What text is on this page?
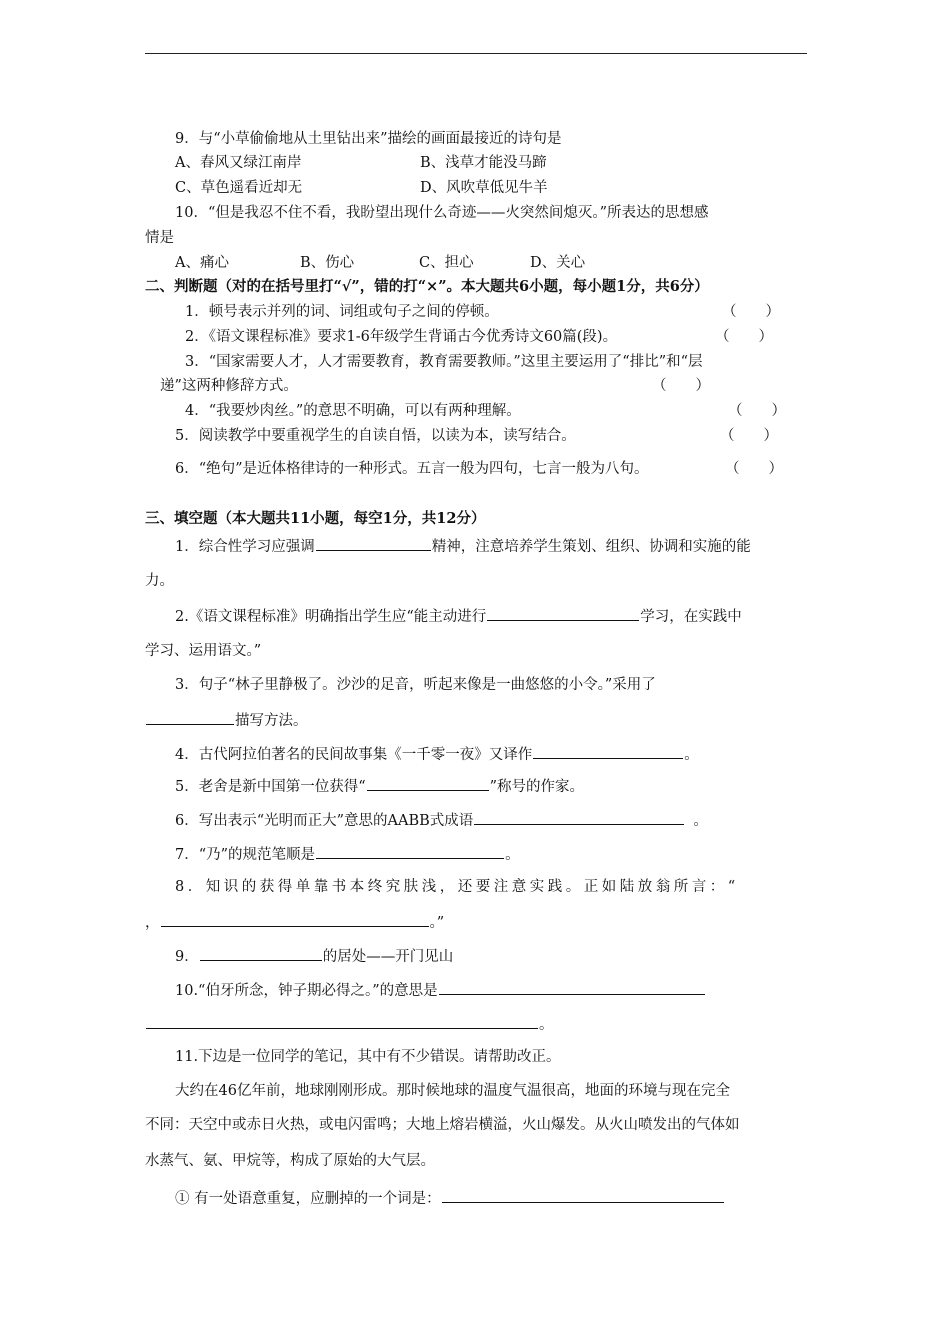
9．与“小草偷偷地从土里钻出来”描绘的画面最接近的诗句是
A、春风又绿江南岸	B、浅草才能没马蹄
C、草色遥看近却无	D、风吹草低见牛羊
10．“但是我忍不住不看，我盼望出现什么奇迹——火突然间熄灭。”所表达的思想感
情是
A、痛心	B、伤心	C、担心	D、关心
二、判断题（对的在括号里打“√”，错的打“×”。本大题共6小题，每小题1分，共6分）
1．顿号表示并列的词、词组或句子之间的停顿。	（　　）
2．《语文课程标准》要求1-6年级学生背诵古今优秀诗文60篇(段)。	（　　）
3．“国家需要人才，人才需要教育，教育需要教师。”这里主要运用了“排比”和“层
递”这两种修辞方式。	（　　）
4．“我要炒肉丝。”的意思不明确，可以有两种理解。	（　　）
5．阅读教学中要重视学生的自读自悟，以读为本，读写结合。	（　　）
6．“绝句”是近体格律诗的一种形式。五言一般为四句，七言一般为八句。	（　　）
三、填空题（本大题共11小题，每空1分，共12分）
1．综合性学习应强调	精神，注意培养学生策划、组织、协调和实施的能
力。
2.《语文课程标准》明确指出学生应“能主动进行	学习，在实践中
学习、运用语文。”
3．句子“林子里静极了。沙沙的足音，听起来像是一曲悠悠的小令。”采用了
描写方法。
4．古代阿拉伯著名的民间故事集《一千零一夜》又译作	。
5．老舍是新中国第一位获得“	”称号的作家。
6．写出表示“光明而正大”意思的AABB式成语	。
7．“乃”的规范笔顺是	。
8．知识的获得单靠书本终究肤浅，还要注意实践。正如陆放翁所言：“
，	。”
9．	的居处——开门见山
10.“伯牙所念，钟子期必得之。”的意思是
。
11.下边是一位同学的笔记，其中有不少错误。请帮助改正。
大约在46亿年前，地球刚刚形成。那时候地球的温度气温很高，地面的环境与现在完全
不同：天空中或赤日火热，或电闪雷鸣；大地上熔岩横溢，火山爆发。从火山喷发出的气体如
水蒸气、氨、甲烷等，构成了原始的大气层。
① 有一处语意重复，应删掉的一个词是：
